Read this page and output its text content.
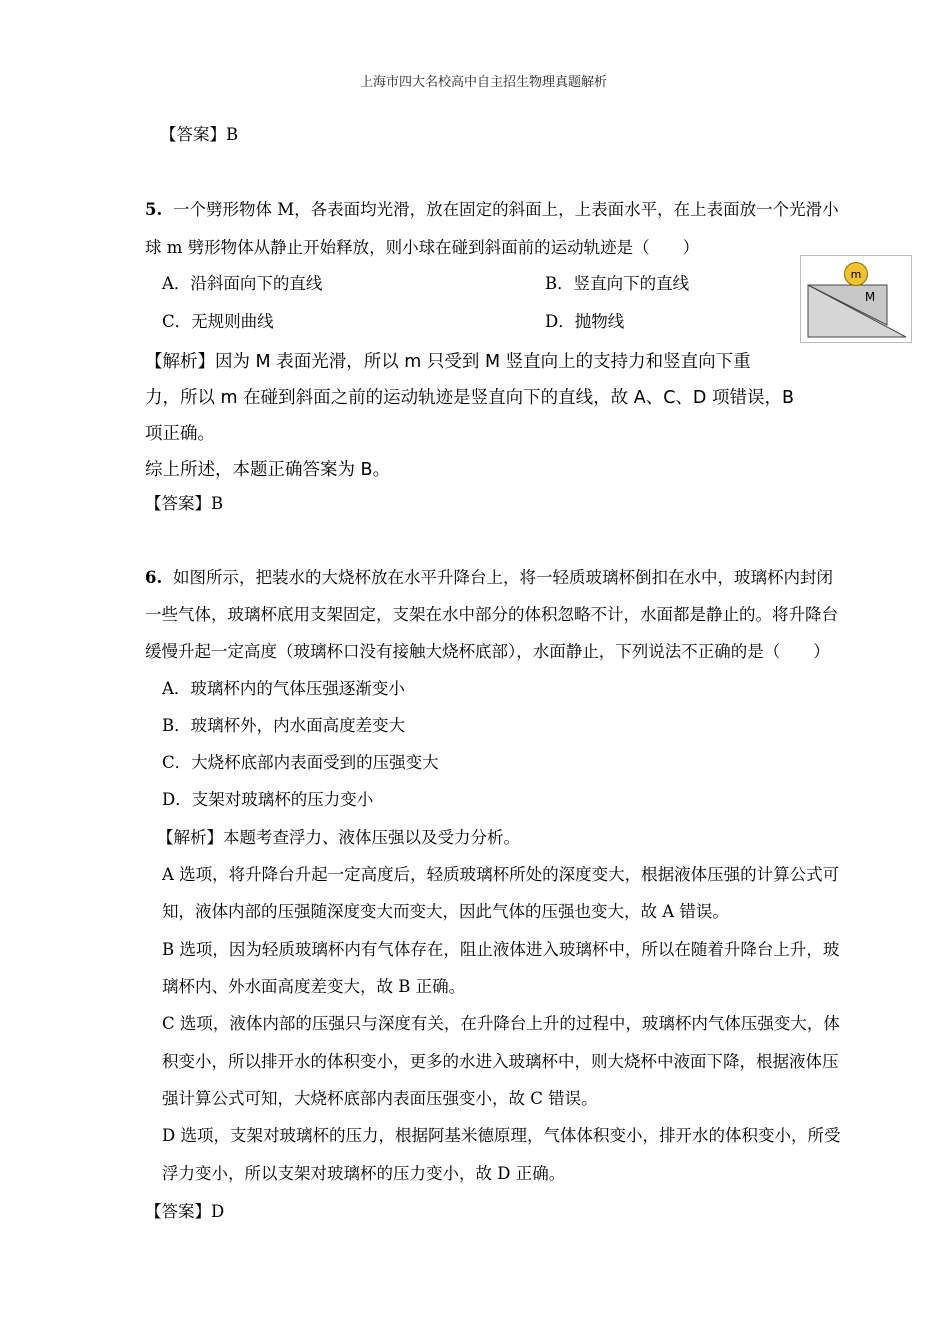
上海市四大名校高中自主招生物理真题解析
【答案】B
5. 一个劈形物体 M，各表面均光滑，放在固定的斜面上，上表面水平，在上表面放一个光滑小
球 m 劈形物体从静止开始释放，则小球在碰到斜面前的运动轨迹是（　　）
A．沿斜面向下的直线	B．竖直向下的直线
C．无规则曲线	D．抛物线
m
M
【解析】因为 M 表面光滑，所以 m 只受到 M 竖直向上的支持力和竖直向下重
力，所以 m 在碰到斜面之前的运动轨迹是竖直向下的直线，故 A、C、D 项错误，B
项正确。
综上所述，本题正确答案为 B。
【答案】B
6. 如图所示，把装水的大烧杯放在水平升降台上，将一轻质玻璃杯倒扣在水中，玻璃杯内封闭
一些气体，玻璃杯底用支架固定，支架在水中部分的体积忽略不计，水面都是静止的。将升降台
缓慢升起一定高度（玻璃杯口没有接触大烧杯底部），水面静止，下列说法不正确的是（　　）
A．玻璃杯内的气体压强逐渐变小
B．玻璃杯外，内水面高度差变大
C．大烧杯底部内表面受到的压强变大
D．支架对玻璃杯的压力变小
【解析】本题考查浮力、液体压强以及受力分析。
A 选项，将升降台升起一定高度后，轻质玻璃杯所处的深度变大，根据液体压强的计算公式可
知，液体内部的压强随深度变大而变大，因此气体的压强也变大，故 A 错误。
B 选项，因为轻质玻璃杯内有气体存在，阻止液体进入玻璃杯中，所以在随着升降台上升，玻
璃杯内、外水面高度差变大，故 B 正确。
C 选项，液体内部的压强只与深度有关，在升降台上升的过程中，玻璃杯内气体压强变大，体
积变小，所以排开水的体积变小，更多的水进入玻璃杯中，则大烧杯中液面下降，根据液体压
强计算公式可知，大烧杯底部内表面压强变小，故 C 错误。
D 选项，支架对玻璃杯的压力，根据阿基米德原理，气体体积变小，排开水的体积变小，所受
浮力变小，所以支架对玻璃杯的压力变小，故 D 正确。
【答案】D
